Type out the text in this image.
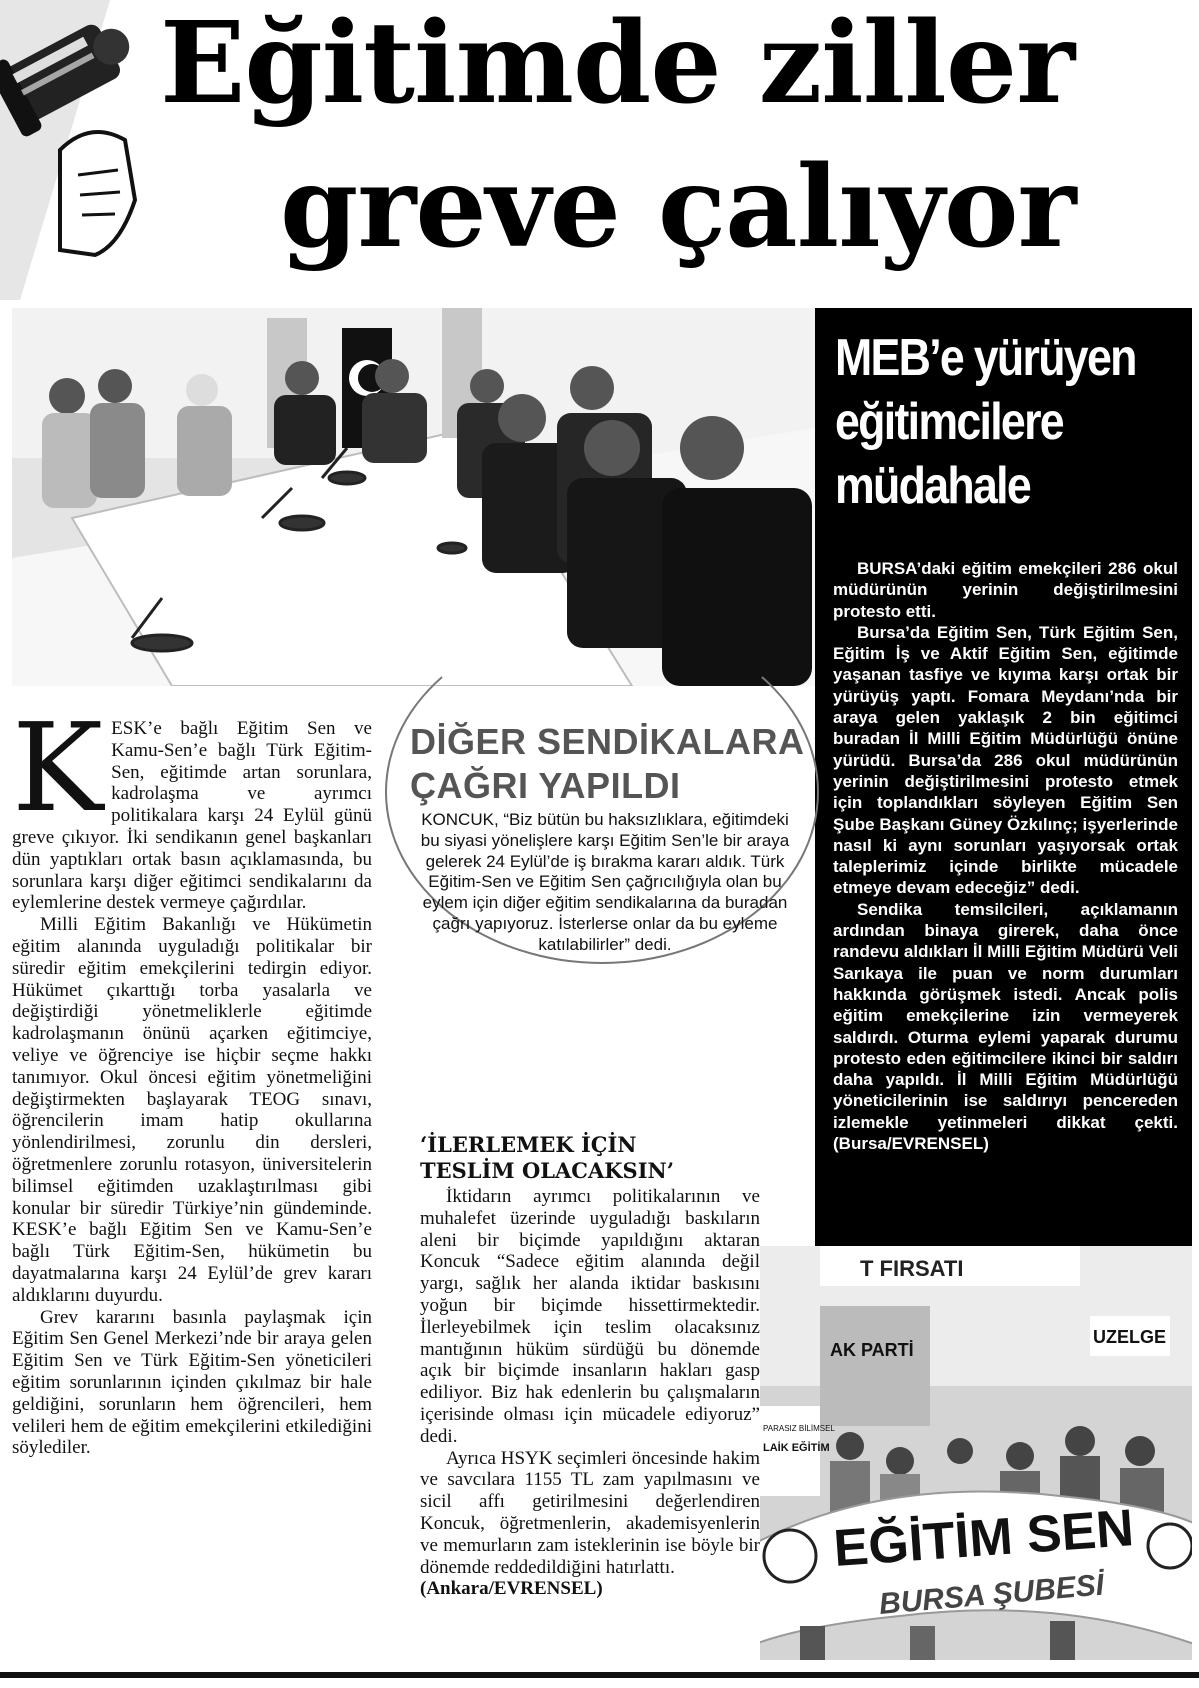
Eğitimde ziller
greve çalıyor
MEB’e yürüyen eğitimcilere müdahale

BURSA’daki eğitim emekçileri 286 okul müdürünün yerinin değiştirilmesini protesto etti.

Bursa’da Eğitim Sen, Türk Eğitim Sen, Eğitim İş ve Aktif Eğitim Sen, eğitimde yaşanan tasfiye ve kıyıma karşı ortak bir yürüyüş yaptı. Fomara Meydanı’nda bir araya gelen yaklaşık 2 bin eğitimci buradan İl Milli Eğitim Müdürlüğü önüne yürüdü. Bursa’da 286 okul müdürünün yerinin değiştirilmesini protesto etmek için toplandıkları söyleyen Eğitim Sen Şube Başkanı Güney Özkılınç; işyerlerinde nasıl ki aynı sorunları yaşıyorsak ortak taleplerimiz içinde birlikte mücadele etmeye devam edeceğiz” dedi.

Sendika temsilcileri, açıklamanın ardından binaya girerek, daha önce randevu aldıkları İl Milli Eğitim Müdürü Veli Sarıkaya ile puan ve norm durumları hakkında görüşmek istedi. Ancak polis eğitim emekçilerine izin vermeyerek saldırdı. Oturma eylemi yaparak durumu protesto eden eğitimcilere ikinci bir saldırı daha yapıldı. İl Milli Eğitim Müdürlüğü yöneticilerinin ise saldırıyı pencereden izlemekle yetinmeleri dikkat çekti. (Bursa/EVRENSEL)

KESK’e bağlı Eğitim Sen ve Kamu-Sen’e bağlı Türk Eğitim-Sen, eğitimde artan sorunlara, kadrolaşma ve ayrımcı politikalara karşı 24 Eylül günü greve çıkıyor. İki sendikanın genel başkanları dün yaptıkları ortak basın açıklamasında, bu sorunlara karşı diğer eğitimci sendikalarını da eylemlerine destek vermeye çağırdılar.

Milli Eğitim Bakanlığı ve Hükümetin eğitim alanında uyguladığı politikalar bir süredir eğitim emekçilerini tedirgin ediyor. Hükümet çıkarttığı torba yasalarla ve değiştirdiği yönetmeliklerle eğitimde kadrolaşmanın önünü açarken eğitimciye, veliye ve öğrenciye ise hiçbir seçme hakkı tanımıyor. Okul öncesi eğitim yönetmeliğini değiştirmekten başlayarak TEOG sınavı, öğrencilerin imam hatip okullarına yönlendirilmesi, zorunlu din dersleri, öğretmenlere zorunlu rotasyon, üniversitelerin bilimsel eğitimden uzaklaştırılması gibi konular bir süredir Türkiye’nin gündeminde. KESK’e bağlı Eğitim Sen ve Kamu-Sen’e bağlı Türk Eğitim-Sen, hükümetin bu dayatmalarına karşı 24 Eylül’de grev kararı aldıklarını duyurdu.

Grev kararını basınla paylaşmak için Eğitim Sen Genel Merkezi’nde bir araya gelen Eğitim Sen ve Türk Eğitim-Sen yöneticileri eğitim sorunlarının içinden çıkılmaz bir hale geldiğini, sorunların hem öğrencileri, hem velileri hem de eğitim emekçilerini etkilediğini söylediler.

DİĞER SENDİKALARA
ÇAĞRI YAPILDI
KONCUK, “Biz bütün bu haksızlıklara, eğitimdeki bu siyasi yönelişlere karşı Eğitim Sen’le bir araya gelerek 24 Eylül’de iş bırakma kararı aldık. Türk Eğitim-Sen ve Eğitim Sen çağrıcılığıyla olan bu eylem için diğer eğitim sendikalarına da buradan çağrı yapıyoruz. İsterlerse onlar da bu eyleme katılabilirler” dedi.
‘İLERLEMEK İÇİN
TESLİM OLACAKSIN’

İktidarın ayrımcı politikalarının ve muhalefet üzerinde uyguladığı baskıların aleni bir biçimde yapıldığını aktaran Koncuk “Sadece eğitim alanında değil yargı, sağlık her alanda iktidar baskısını yoğun bir biçimde hissettirmektedir. İlerleyebilmek için teslim olacaksınız mantığının hüküm sürdüğü bu dönemde açık bir biçimde insanların hakları gasp ediliyor. Biz hak edenlerin bu çalışmaların içerisinde olması için mücadele ediyoruz” dedi.

Ayrıca HSYK seçimleri öncesinde hakim ve savcılara 1155 TL zam yapılmasını ve sicil affı getirilmesini değerlendiren Koncuk, öğretmenlerin, akademisyenlerin ve memurların zam isteklerinin ise böyle bir dönemde reddedildiğini hatırlattı.

(Ankara/EVRENSEL)

T FIRSATI
AK PARTİ
UZELGE
PARASIZ BİLİMSEL
LAİK EĞİTİM
EĞİTİM SEN
BURSA ŞUBESİ
